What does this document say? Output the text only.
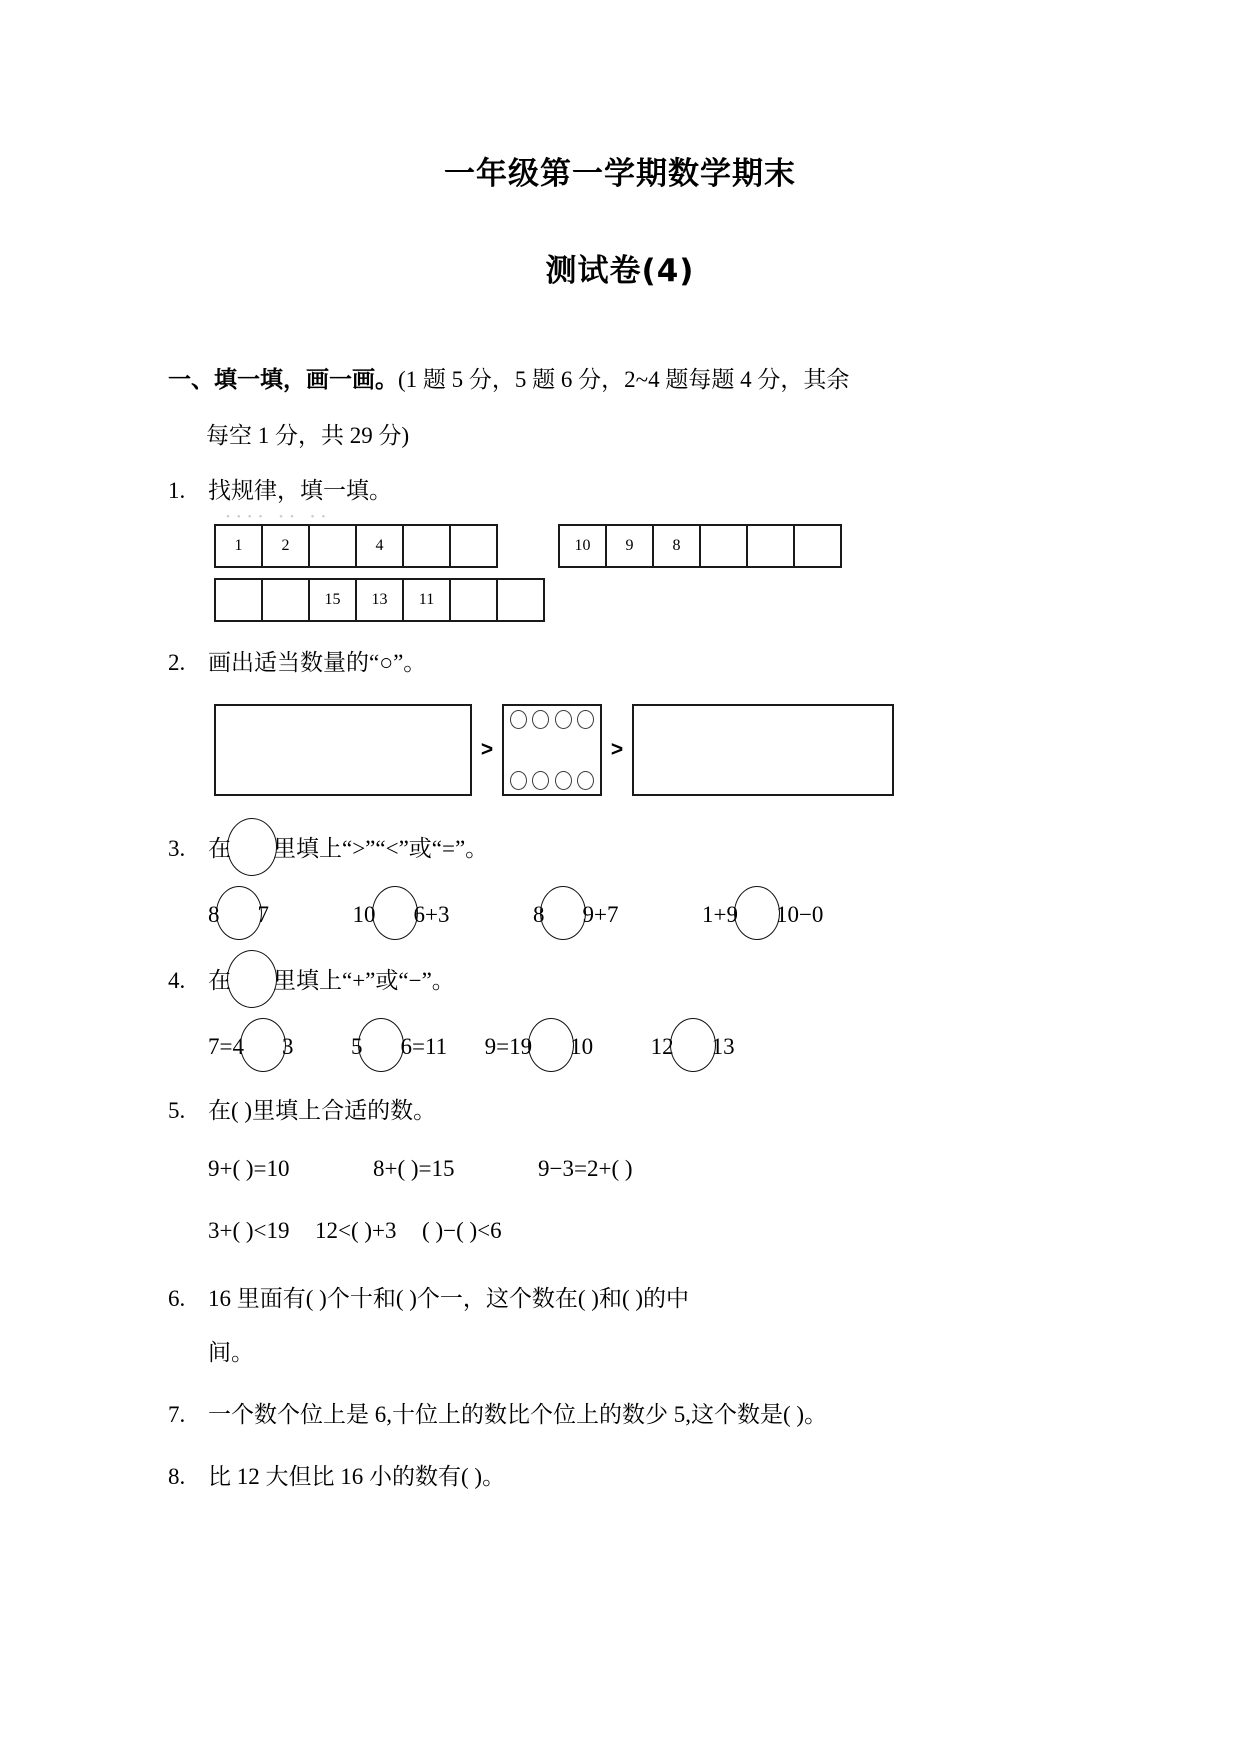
一年级第一学期数学期末
测试卷(4)
一、填一填，画一画。(1 题 5 分，5 题 6 分，2~4 题每题 4 分，其余
每空 1 分，共 29 分)
1. 找规律，填一填。
•••• •• ••
1	2	4	10	9	8
15	13	11
2. 画出适当数量的“○”。
>	>
3. 在 里填上“>”“<”或“=”。
8 7	10 6+3	8 9+7	1+9 10−0
4. 在 里填上“+”或“−”。
7=4 3	5 6=11 9=19 10	12 13
5. 在( )里填上合适的数。
9+( )=10	8+( )=15	9−3=2+( )
3+( )<19 12<( )+3 ( )−( )<6
6. 16 里面有( )个十和( )个一，这个数在( )和( )的中
间。
7. 一个数个位上是 6,十位上的数比个位上的数少 5,这个数是( )。
8. 比 12 大但比 16 小的数有( )。
